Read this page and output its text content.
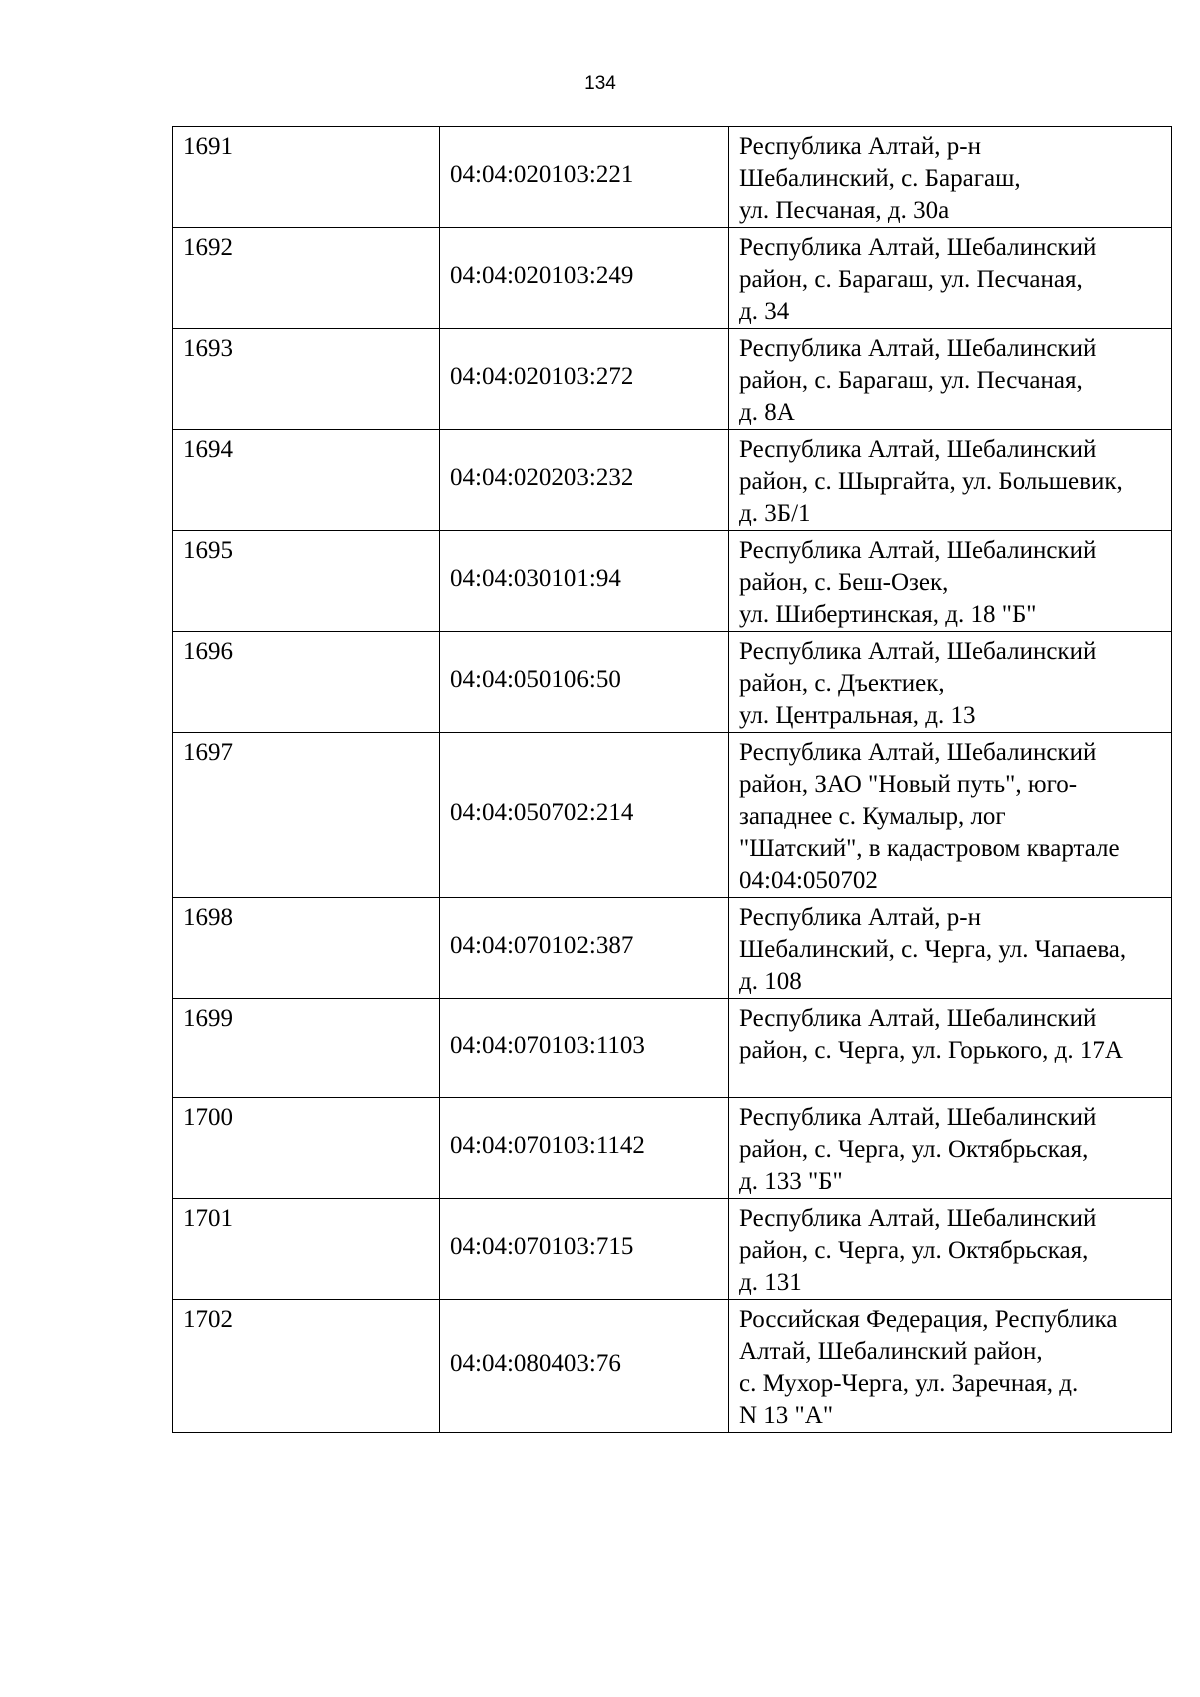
134
1691	04:04:020103:221	Республика Алтай, р-н
Шебалинский, с. Барагаш,
ул. Песчаная, д. 30а

1692	04:04:020103:249	Республика Алтай, Шебалинский
район, с. Барагаш, ул. Песчаная,
д. 34

1693	04:04:020103:272	Республика Алтай, Шебалинский
район, с. Барагаш, ул. Песчаная,
д. 8А

1694	04:04:020203:232	Республика Алтай, Шебалинский
район, с. Шыргайта, ул. Большевик,
д. 3Б/1

1695	04:04:030101:94	Республика Алтай, Шебалинский
район, с. Беш-Озек,
ул. Шибертинская, д. 18 "Б"

1696	04:04:050106:50	Республика Алтай, Шебалинский
район, с. Дъектиек,
ул. Центральная, д. 13

1697	04:04:050702:214	Республика Алтай, Шебалинский
район, ЗАО "Новый путь", юго-
западнее с. Кумалыр, лог
"Шатский", в кадастровом квартале
04:04:050702

1698	04:04:070102:387	Республика Алтай, р-н
Шебалинский, с. Черга, ул. Чапаева,
д. 108

1699	04:04:070103:1103	Республика Алтай, Шебалинский
район, с. Черга, ул. Горького, д. 17А

1700	04:04:070103:1142	Республика Алтай, Шебалинский
район, с. Черга, ул. Октябрьская,
д. 133 "Б"

1701	04:04:070103:715	Республика Алтай, Шебалинский
район, с. Черга, ул. Октябрьская,
д. 131

1702	04:04:080403:76	Российская Федерация, Республика
Алтай, Шебалинский район,
с. Мухор-Черга, ул. Заречная, д.
N 13 "А"
